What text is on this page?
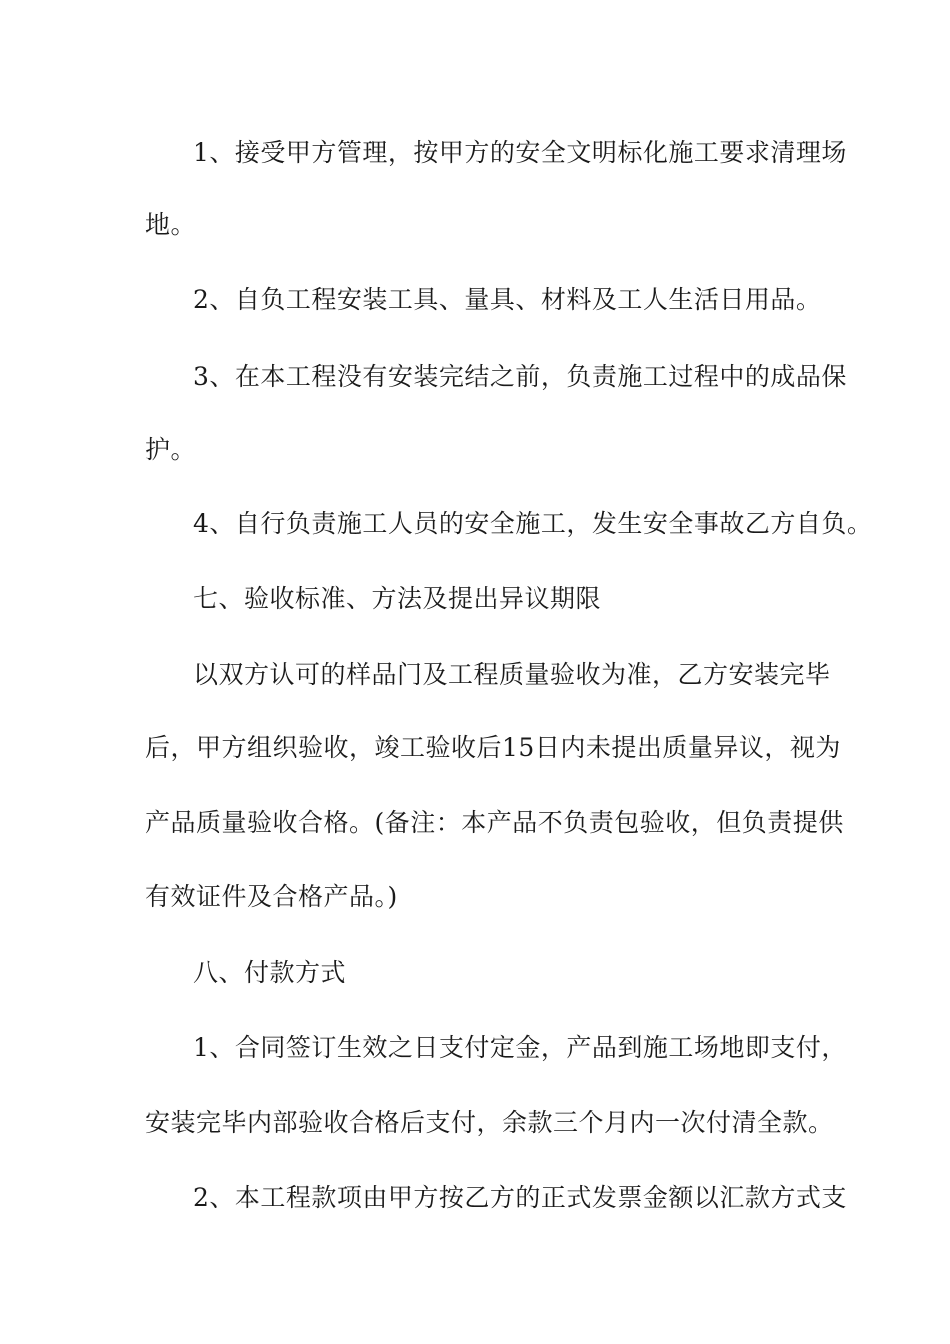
1、接受甲方管理，按甲方的安全文明标化施工要求清理场
地。
2、自负工程安装工具、量具、材料及工人生活日用品。
3、在本工程没有安装完结之前，负责施工过程中的成品保
护。
4、自行负责施工人员的安全施工，发生安全事故乙方自负。
七、验收标准、方法及提出异议期限
以双方认可的样品门及工程质量验收为准，乙方安装完毕
后，甲方组织验收，竣工验收后15日内未提出质量异议，视为
产品质量验收合格。(备注：本产品不负责包验收，但负责提供
有效证件及合格产品。)
八、付款方式
1、合同签订生效之日支付定金，产品到施工场地即支付，
安装完毕内部验收合格后支付，余款三个月内一次付清全款。
2、本工程款项由甲方按乙方的正式发票金额以汇款方式支
